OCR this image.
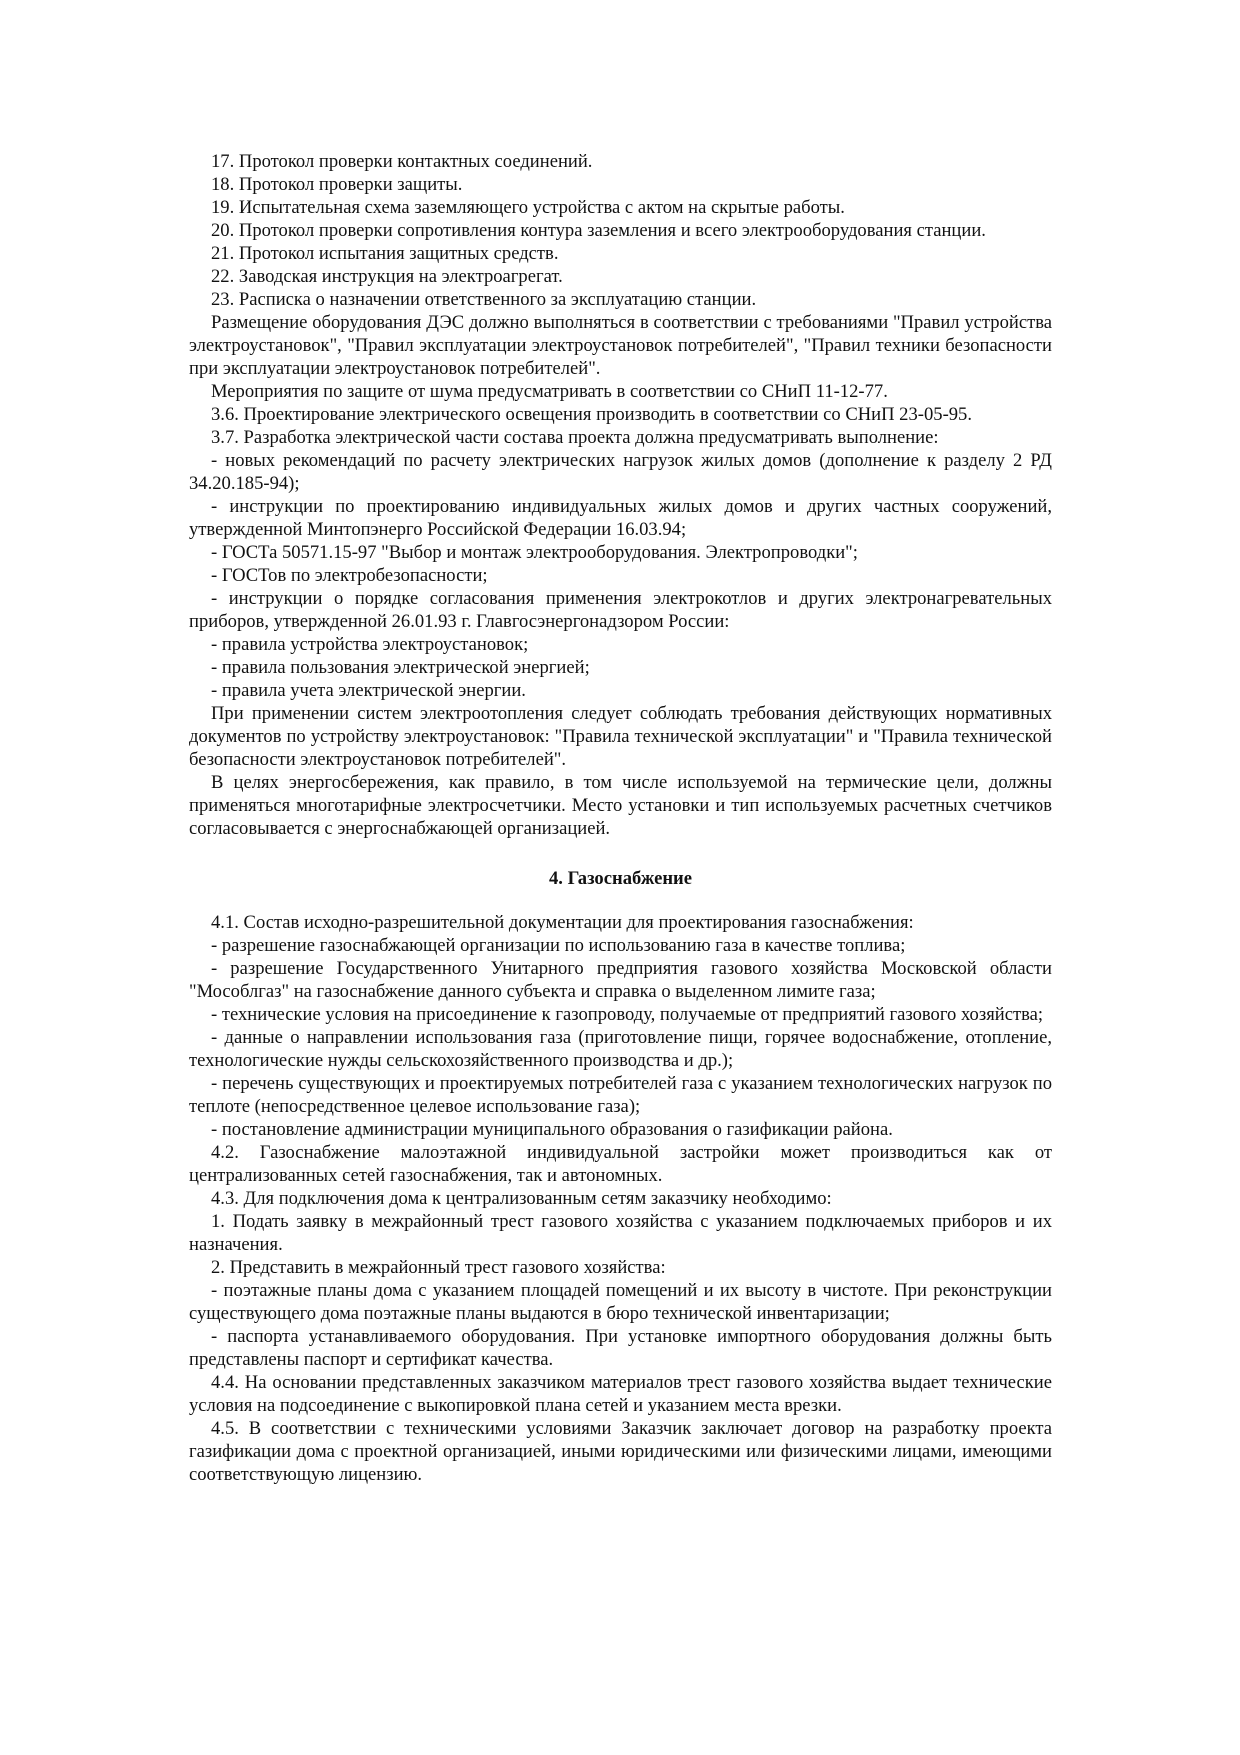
17. Протокол проверки контактных соединений.

18. Протокол проверки защиты.

19. Испытательная схема заземляющего устройства с актом на скрытые работы.

20. Протокол проверки сопротивления контура заземления и всего электрооборудования станции.

21. Протокол испытания защитных средств.

22. Заводская инструкция на электроагрегат.

23. Расписка о назначении ответственного за эксплуатацию станции.

Размещение оборудования ДЭС должно выполняться в соответствии с требованиями "Правил устройства электроустановок", "Правил эксплуатации электроустановок потребителей", "Правил техники безопасности при эксплуатации электроустановок потребителей".

Мероприятия по защите от шума предусматривать в соответствии со СНиП 11-12-77.

3.6. Проектирование электрического освещения производить в соответствии со СНиП 23-05-95.

3.7. Разработка электрической части состава проекта должна предусматривать выполнение:

- новых рекомендаций по расчету электрических нагрузок жилых домов (дополнение к разделу 2 РД 34.20.185-94);

- инструкции по проектированию индивидуальных жилых домов и других частных сооружений, утвержденной Минтопэнерго Российской Федерации 16.03.94;

- ГОСТа 50571.15-97 "Выбор и монтаж электрооборудования. Электропроводки";

- ГОСТов по электробезопасности;

- инструкции о порядке согласования применения электрокотлов и других электронагревательных приборов, утвержденной 26.01.93 г. Главгосэнергонадзором России:

- правила устройства электроустановок;

- правила пользования электрической энергией;

- правила учета электрической энергии.

При применении систем электроотопления следует соблюдать требования действующих нормативных документов по устройству электроустановок: "Правила технической эксплуатации" и "Правила технической безопасности электроустановок потребителей".

В целях энергосбережения, как правило, в том числе используемой на термические цели, должны применяться многотарифные электросчетчики. Место установки и тип используемых расчетных счетчиков согласовывается с энергоснабжающей организацией.

4. Газоснабжение

4.1. Состав исходно-разрешительной документации для проектирования газоснабжения:

- разрешение газоснабжающей организации по использованию газа в качестве топлива;

- разрешение Государственного Унитарного предприятия газового хозяйства Московской области "Мособлгаз" на газоснабжение данного субъекта и справка о выделенном лимите газа;

- технические условия на присоединение к газопроводу, получаемые от предприятий газового хозяйства;

- данные о направлении использования газа (приготовление пищи, горячее водоснабжение, отопление, технологические нужды сельскохозяйственного производства и др.);

- перечень существующих и проектируемых потребителей газа с указанием технологических нагрузок по теплоте (непосредственное целевое использование газа);

- постановление администрации муниципального образования о газификации района.

4.2. Газоснабжение малоэтажной индивидуальной застройки может производиться как от централизованных сетей газоснабжения, так и автономных.

4.3. Для подключения дома к централизованным сетям заказчику необходимо:

1. Подать заявку в межрайонный трест газового хозяйства с указанием подключаемых приборов и их назначения.

2. Представить в межрайонный трест газового хозяйства:

- поэтажные планы дома с указанием площадей помещений и их высоту в чистоте. При реконструкции существующего дома поэтажные планы выдаются в бюро технической инвентаризации;

- паспорта устанавливаемого оборудования. При установке импортного оборудования должны быть представлены паспорт и сертификат качества.

4.4. На основании представленных заказчиком материалов трест газового хозяйства выдает технические условия на подсоединение с выкопировкой плана сетей и указанием места врезки.

4.5. В соответствии с техническими условиями Заказчик заключает договор на разработку проекта газификации дома с проектной организацией, иными юридическими или физическими лицами, имеющими соответствующую лицензию.
